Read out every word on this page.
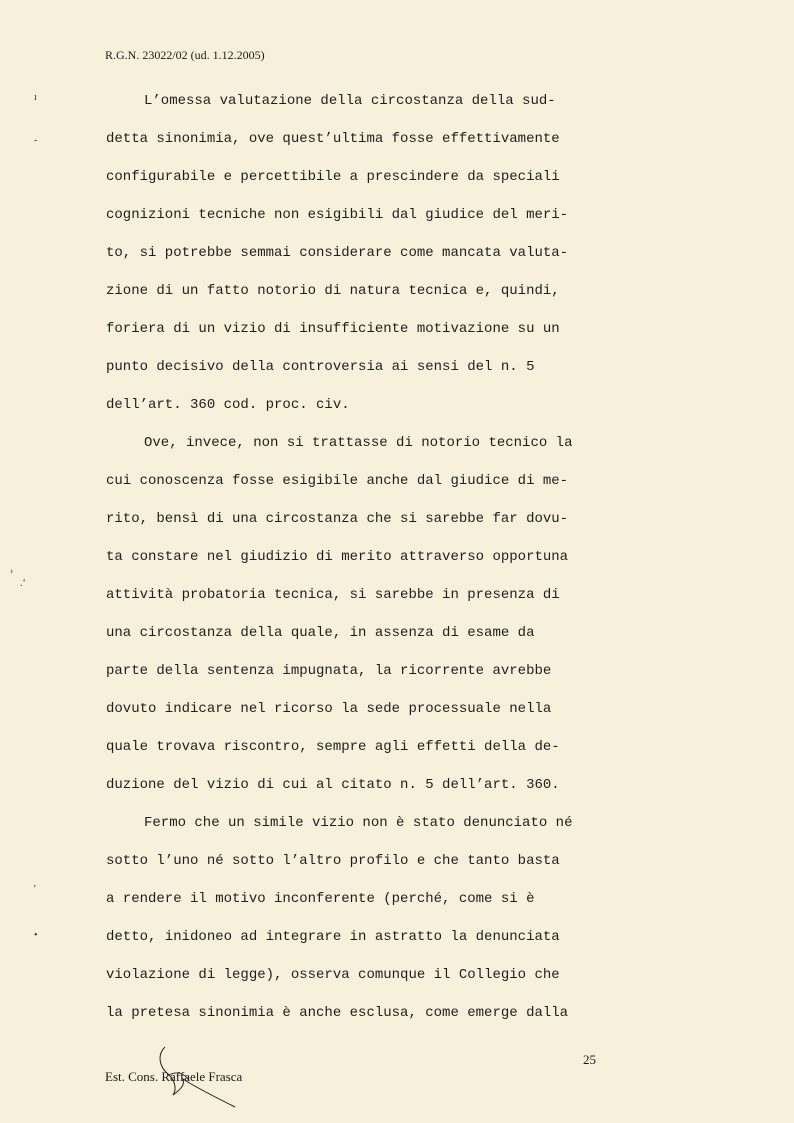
R.G.N. 23022/02 (ud. 1.12.2005)
ı
-
›
.‘
’
•
L’omessa valutazione della circostanza della sud-
detta sinonimia, ove quest’ultima fosse effettivamente
configurabile e percettibile a prescindere da speciali
cognizioni tecniche non esigibili dal giudice del meri-
to, si potrebbe semmai considerare come mancata valuta-
zione di un fatto notorio di natura tecnica e, quindi,
foriera di un vizio di insufficiente motivazione su un
punto decisivo della controversia ai sensi del n. 5
dell’art. 360 cod. proc. civ.
Ove, invece, non si trattasse di notorio tecnico la
cui conoscenza fosse esigibile anche dal giudice di me-
rito, bensì di una circostanza che si sarebbe far dovu-
ta constare nel giudizio di merito attraverso opportuna
attività probatoria tecnica, si sarebbe in presenza di
una circostanza della quale, in assenza di esame da
parte della sentenza impugnata, la ricorrente avrebbe
dovuto indicare nel ricorso la sede processuale nella
quale trovava riscontro, sempre agli effetti della de-
duzione del vizio di cui al citato n. 5 dell’art. 360.
Fermo che un simile vizio non è stato denunciato né
sotto l’uno né sotto l’altro profilo e che tanto basta
a rendere il motivo inconferente (perché, come si è
detto, inidoneo ad integrare in astratto la denunciata
violazione di legge), osserva comunque il Collegio che
la pretesa sinonimia è anche esclusa, come emerge dalla
25
Est. Cons. Raffaele Frasca
